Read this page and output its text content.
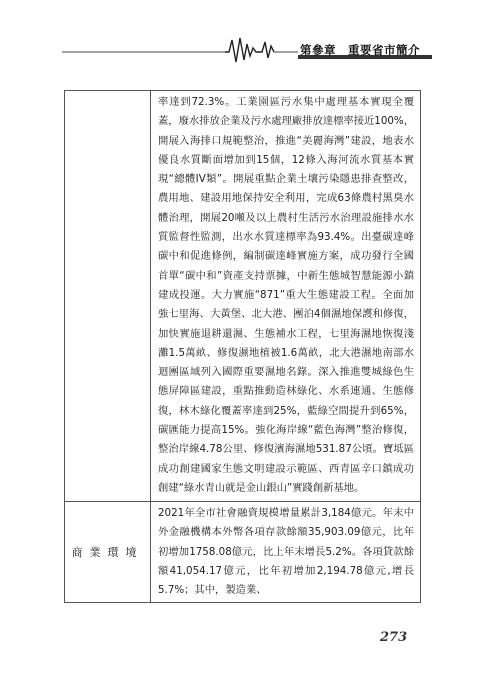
第參章　重要省市簡介
率達到72.3%。工業園區污水集中處理基本實現全覆蓋，廢水排放企業及污水處理廠排放達標率接近100%，開展入海排口規範整治，推進“美麗海灣”建設，地表水優良水質斷面增加到15個，12條入海河流水質基本實現“總體IV類”。開展重點企業土壤污染隱患排查整改，農用地、建設用地保持安全利用，完成63條農村黑臭水體治理，開展20噸及以上農村生活污水治理設施排水水質監督性監測，出水水質達標率為93.4%。出臺碳達峰碳中和促進條例，編制碳達峰實施方案，成功發行全國首單“碳中和”資產支持票據，中新生態城智慧能源小鎮建成投運。大力實施“871”重大生態建設工程。全面加強七里海、大黃堡、北大港、團泊4個濕地保護和修復，加快實施退耕還濕、生態補水工程，七里海濕地恢復淺灘1.5萬畝、修復濕地植被1.6萬畝，北大港濕地南部水迴團區域列入國際重要濕地名錄。深入推進雙城綠色生態屏障區建設，重點推動造林綠化、水系連通、生態修復，林木綠化覆蓋率達到25%，藍綠空間提升到65%，碳匯能力提高15%。強化海岸線“藍色海灣”整治修復，整治岸線4.78公里、修復濱海濕地531.87公頃。寶坻區成功創建國家生態文明建設示範區、西青區辛口鎮成功創建“綠水青山就是金山銀山”實踐創新基地。
商業環境
2021年全市社會融資規模增量累計3,184億元。年末中外金融機構本外幣各項存款餘額35,903.09億元，比年初增加1758.08億元，比上年末增長5.2%。各項貸款餘額41,054.17億元，比年初增加2,194.78億元,增長5.7%；其中，製造業、
273
